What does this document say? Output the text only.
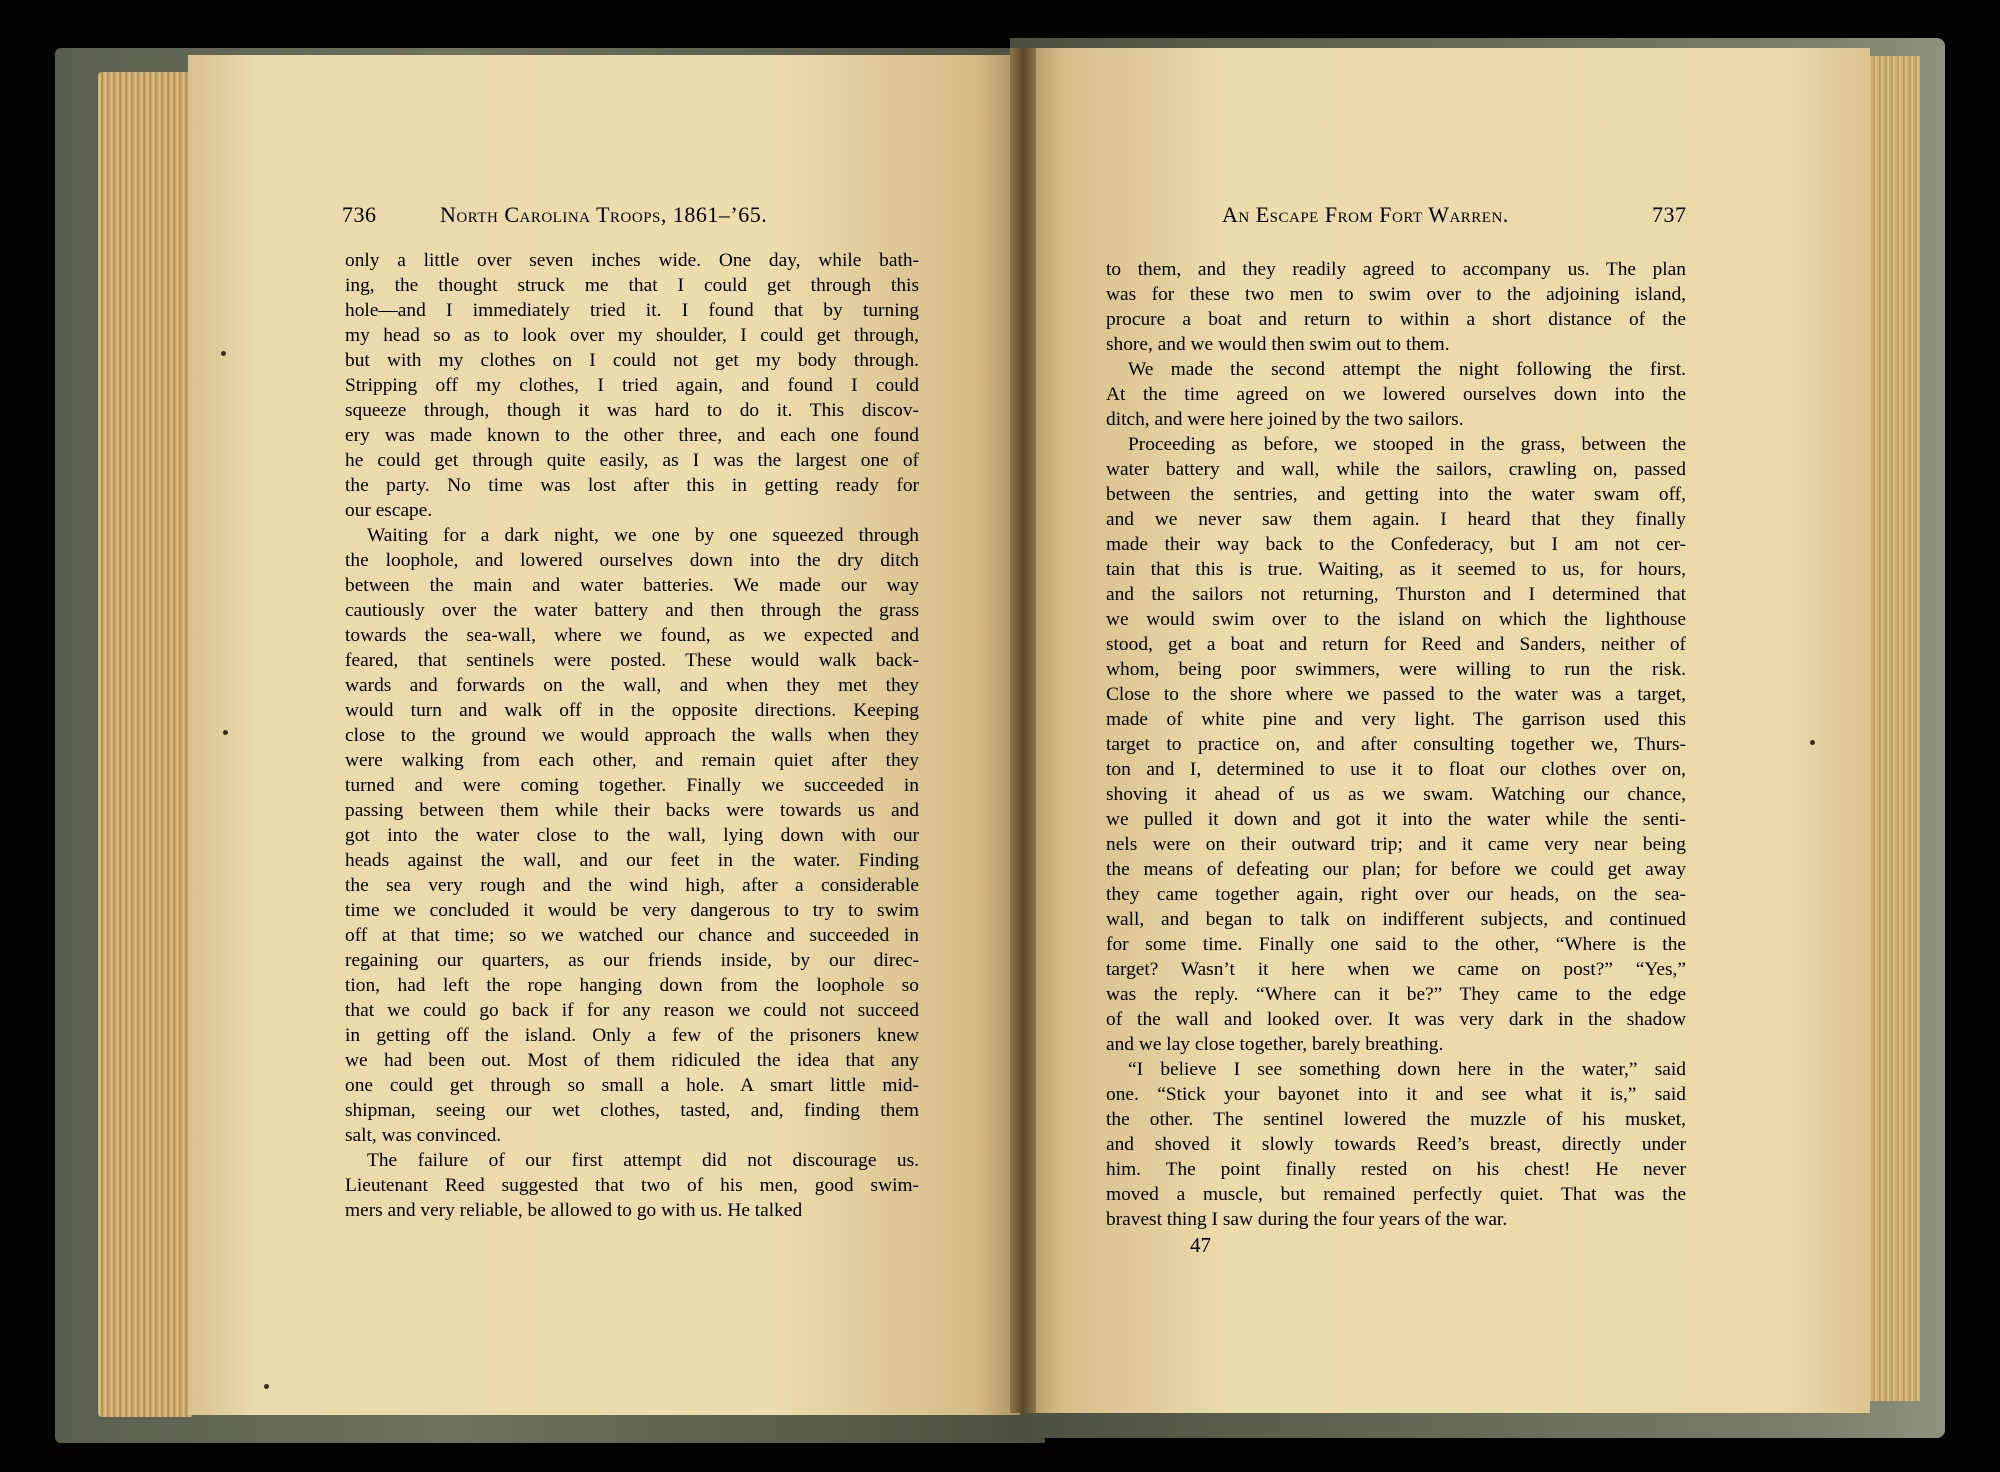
736	North Carolina Troops, 1861–’65.	An Escape From Fort Warren.	737
only a little over seven inches wide. One day, while bath-
ing, the thought struck me that I could get through this
hole—and I immediately tried it. I found that by turning
my head so as to look over my shoulder, I could get through,
but with my clothes on I could not get my body through.
Stripping off my clothes, I tried again, and found I could
squeeze through, though it was hard to do it. This discov-
ery was made known to the other three, and each one found
he could get through quite easily, as I was the largest one of
the party. No time was lost after this in getting ready for
our escape.
Waiting for a dark night, we one by one squeezed through
the loophole, and lowered ourselves down into the dry ditch
between the main and water batteries. We made our way
cautiously over the water battery and then through the grass
towards the sea-wall, where we found, as we expected and
feared, that sentinels were posted. These would walk back-
wards and forwards on the wall, and when they met they
would turn and walk off in the opposite directions. Keeping
close to the ground we would approach the walls when they
were walking from each other, and remain quiet after they
turned and were coming together. Finally we succeeded in
passing between them while their backs were towards us and
got into the water close to the wall, lying down with our
heads against the wall, and our feet in the water. Finding
the sea very rough and the wind high, after a considerable
time we concluded it would be very dangerous to try to swim
off at that time; so we watched our chance and succeeded in
regaining our quarters, as our friends inside, by our direc-
tion, had left the rope hanging down from the loophole so
that we could go back if for any reason we could not succeed
in getting off the island. Only a few of the prisoners knew
we had been out. Most of them ridiculed the idea that any
one could get through so small a hole. A smart little mid-
shipman, seeing our wet clothes, tasted, and, finding them
salt, was convinced.
The failure of our first attempt did not discourage us.
Lieutenant Reed suggested that two of his men, good swim-
mers and very reliable, be allowed to go with us. He talked
to them, and they readily agreed to accompany us. The plan
was for these two men to swim over to the adjoining island,
procure a boat and return to within a short distance of the
shore, and we would then swim out to them.
We made the second attempt the night following the first.
At the time agreed on we lowered ourselves down into the
ditch, and were here joined by the two sailors.
Proceeding as before, we stooped in the grass, between the
water battery and wall, while the sailors, crawling on, passed
between the sentries, and getting into the water swam off,
and we never saw them again. I heard that they finally
made their way back to the Confederacy, but I am not cer-
tain that this is true. Waiting, as it seemed to us, for hours,
and the sailors not returning, Thurston and I determined that
we would swim over to the island on which the lighthouse
stood, get a boat and return for Reed and Sanders, neither of
whom, being poor swimmers, were willing to run the risk.
Close to the shore where we passed to the water was a target,
made of white pine and very light. The garrison used this
target to practice on, and after consulting together we, Thurs-
ton and I, determined to use it to float our clothes over on,
shoving it ahead of us as we swam. Watching our chance,
we pulled it down and got it into the water while the senti-
nels were on their outward trip; and it came very near being
the means of defeating our plan; for before we could get away
they came together again, right over our heads, on the sea-
wall, and began to talk on indifferent subjects, and continued
for some time. Finally one said to the other, “Where is the
target? Wasn’t it here when we came on post?” “Yes,”
was the reply. “Where can it be?” They came to the edge
of the wall and looked over. It was very dark in the shadow
and we lay close together, barely breathing.
“I believe I see something down here in the water,” said
one. “Stick your bayonet into it and see what it is,” said
the other. The sentinel lowered the muzzle of his musket,
and shoved it slowly towards Reed’s breast, directly under
him. The point finally rested on his chest! He never
moved a muscle, but remained perfectly quiet. That was the
bravest thing I saw during the four years of the war.
47
